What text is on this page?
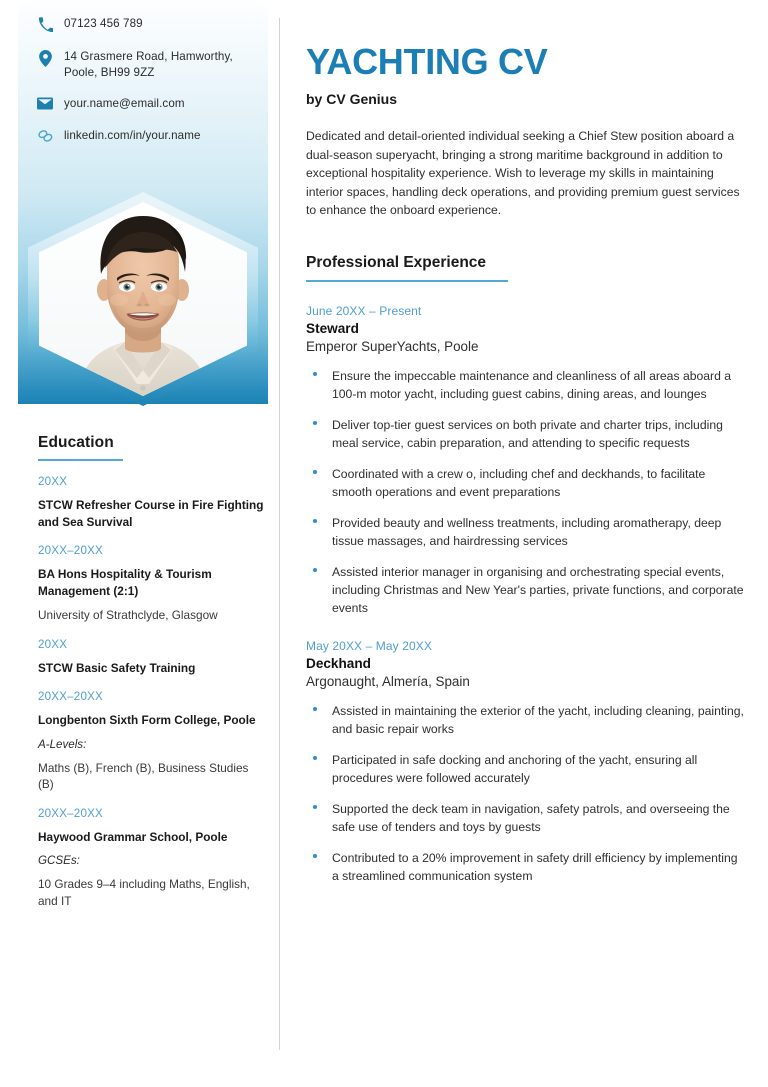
07123 456 789
14 Grasmere Road, Hamworthy, Poole, BH99 9ZZ
your.name@email.com
linkedin.com/in/your.name
Education
20XX
STCW Refresher Course in Fire Fighting and Sea Survival
20XX–20XX
BA Hons Hospitality & Tourism Management (2:1)
University of Strathclyde, Glasgow
20XX
STCW Basic Safety Training
20XX–20XX
Longbenton Sixth Form College, Poole
A-Levels:
Maths (B), French (B), Business Studies (B)
20XX–20XX
Haywood Grammar School, Poole
GCSEs:
10 Grades 9–4 including Maths, English, and IT
YACHTING CV
by CV Genius
Dedicated and detail-oriented individual seeking a Chief Stew position aboard a dual-season superyacht, bringing a strong maritime background in addition to exceptional hospitality experience. Wish to leverage my skills in maintaining interior spaces, handling deck operations, and providing premium guest services to enhance the onboard experience.
Professional Experience
June 20XX – Present
Steward
Emperor SuperYachts, Poole
Ensure the impeccable maintenance and cleanliness of all areas aboard a 100-m motor yacht, including guest cabins, dining areas, and lounges
Deliver top-tier guest services on both private and charter trips, including meal service, cabin preparation, and attending to specific requests
Coordinated with a crew o, including chef and deckhands, to facilitate smooth operations and event preparations
Provided beauty and wellness treatments, including aromatherapy, deep tissue massages, and hairdressing services
Assisted interior manager in organising and orchestrating special events, including Christmas and New Year's parties, private functions, and corporate events
May 20XX – May 20XX
Deckhand
Argonaught, Almería, Spain
Assisted in maintaining the exterior of the yacht, including cleaning, painting, and basic repair works
Participated in safe docking and anchoring of the yacht, ensuring all procedures were followed accurately
Supported the deck team in navigation, safety patrols, and overseeing the safe use of tenders and toys by guests
Contributed to a 20% improvement in safety drill efficiency by implementing a streamlined communication system
